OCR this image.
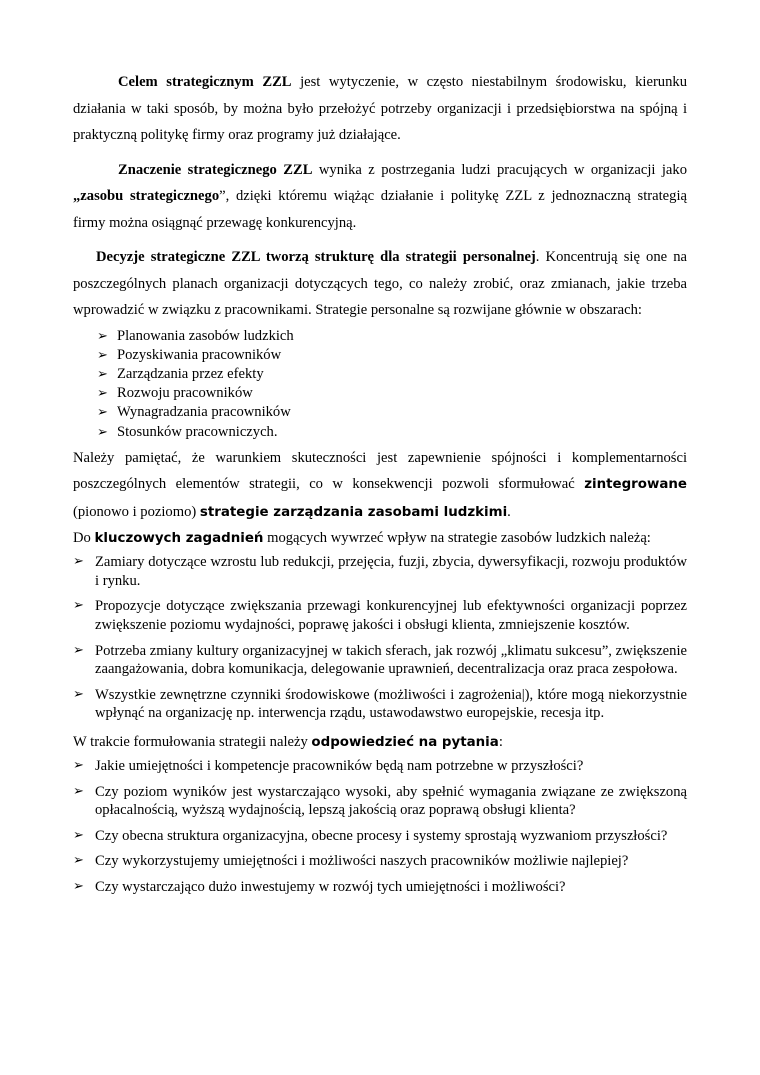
Celem strategicznym ZZL jest wytyczenie, w często niestabilnym środowisku, kierunku działania w taki sposób, by można było przełożyć potrzeby organizacji i przedsiębiorstwa na spójną i praktyczną politykę firmy oraz programy już działające.

Znaczenie strategicznego ZZL wynika z postrzegania ludzi pracujących w organizacji jako „zasobu strategicznego”, dzięki któremu wiążąc działanie i politykę ZZL z jednoznaczną strategią firmy można osiągnąć przewagę konkurencyjną.

Decyzje strategiczne ZZL tworzą strukturę dla strategii personalnej. Koncentrują się one na poszczególnych planach organizacji dotyczących tego, co należy zrobić, oraz zmianach, jakie trzeba wprowadzić w związku z pracownikami. Strategie personalne są rozwijane głównie w obszarach:

➢ Planowania zasobów ludzkich
➢ Pozyskiwania pracowników
➢ Zarządzania przez efekty
➢ Rozwoju pracowników
➢ Wynagradzania pracowników
➢ Stosunków pracowniczych.

Należy pamiętać, że warunkiem skuteczności jest zapewnienie spójności i komplementarności poszczególnych elementów strategii, co w konsekwencji pozwoli sformułować zintegrowane (pionowo i poziomo) strategie zarządzania zasobami ludzkimi.

Do kluczowych zagadnień mogących wywrzeć wpływ na strategie zasobów ludzkich należą:

➢ Zamiary dotyczące wzrostu lub redukcji, przejęcia, fuzji, zbycia, dywersyfikacji, rozwoju produktów i rynku.
➢ Propozycje dotyczące zwiększania przewagi konkurencyjnej lub efektywności organizacji poprzez zwiększenie poziomu wydajności, poprawę jakości i obsługi klienta, zmniejszenie kosztów.
➢ Potrzeba zmiany kultury organizacyjnej w takich sferach, jak rozwój „klimatu sukcesu”, zwiększenie zaangażowania, dobra komunikacja, delegowanie uprawnień, decentralizacja oraz praca zespołowa.
➢ Wszystkie zewnętrzne czynniki środowiskowe (możliwości i zagrożenia|), które mogą niekorzystnie wpłynąć na organizację np. interwencja rządu, ustawodawstwo europejskie, recesja itp.

W trakcie formułowania strategii należy odpowiedzieć na pytania:

➢ Jakie umiejętności i kompetencje pracowników będą nam potrzebne w przyszłości?
➢ Czy poziom wyników jest wystarczająco wysoki, aby spełnić wymagania związane ze zwiększoną opłacalnością, wyższą wydajnością, lepszą jakością oraz poprawą obsługi klienta?
➢ Czy obecna struktura organizacyjna, obecne procesy i systemy sprostają wyzwaniom przyszłości?
➢ Czy wykorzystujemy umiejętności i możliwości naszych pracowników możliwie najlepiej?
➢ Czy wystarczająco dużo inwestujemy w rozwój tych umiejętności i możliwości?
